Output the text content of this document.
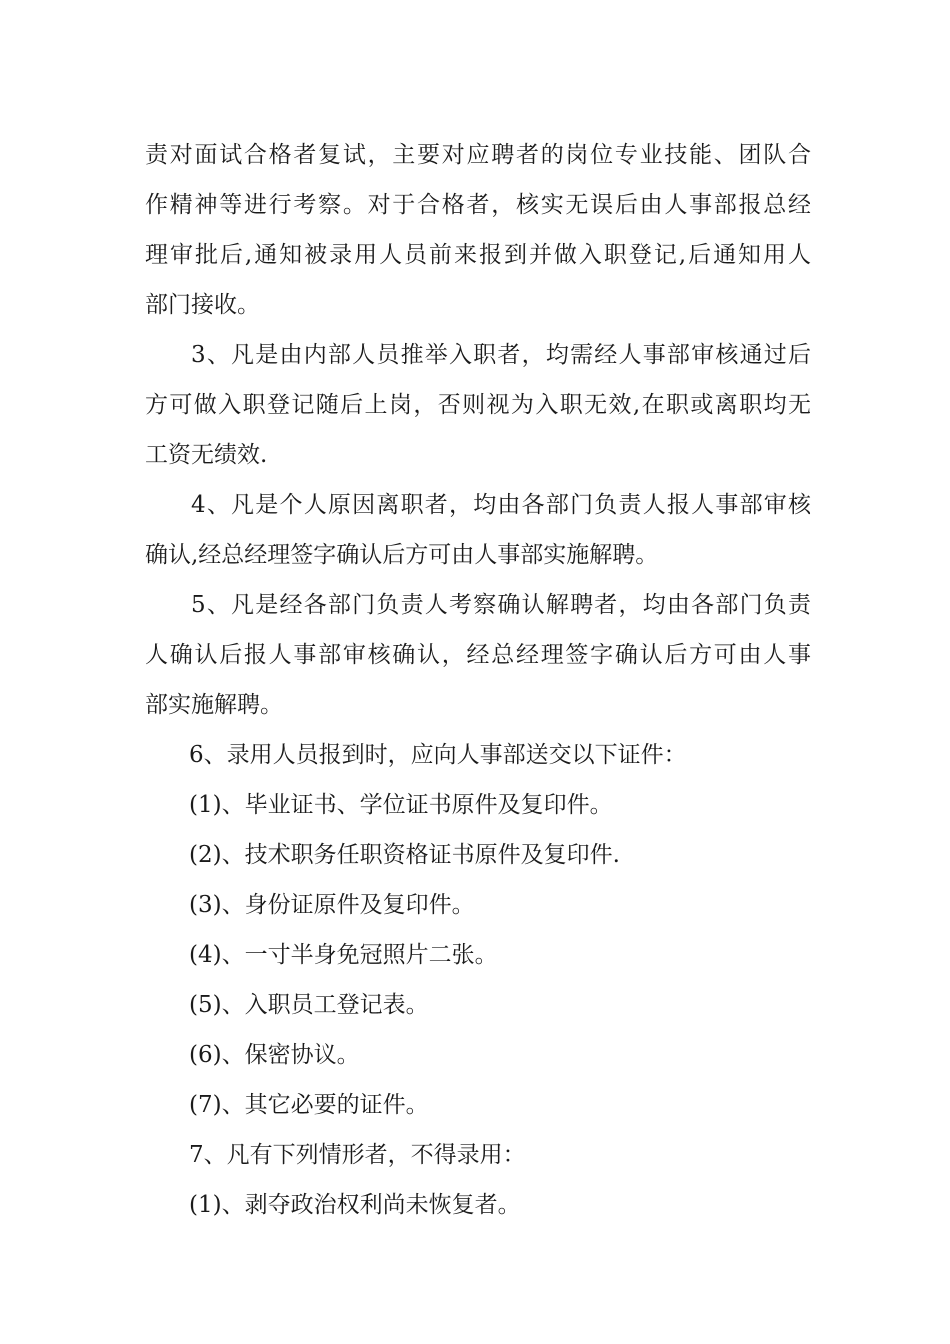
责对面试合格者复试，主要对应聘者的岗位专业技能、团队合
作精神等进行考察。对于合格者，核实无误后由人事部报总经
理审批后,通知被录用人员前来报到并做入职登记,后通知用人
部门接收。
3、凡是由内部人员推举入职者，均需经人事部审核通过后
方可做入职登记随后上岗，否则视为入职无效,在职或离职均无
工资无绩效.
4、凡是个人原因离职者，均由各部门负责人报人事部审核
确认,经总经理签字确认后方可由人事部实施解聘。
5、凡是经各部门负责人考察确认解聘者，均由各部门负责
人确认后报人事部审核确认，经总经理签字确认后方可由人事
部实施解聘。
6、录用人员报到时，应向人事部送交以下证件：
(1)、毕业证书、学位证书原件及复印件。
(2)、技术职务任职资格证书原件及复印件.
(3)、身份证原件及复印件。
(4)、一寸半身免冠照片二张。
(5)、入职员工登记表。
(6)、保密协议。
(7)、其它必要的证件。
7、凡有下列情形者，不得录用：
(1)、剥夺政治权利尚未恢复者。
